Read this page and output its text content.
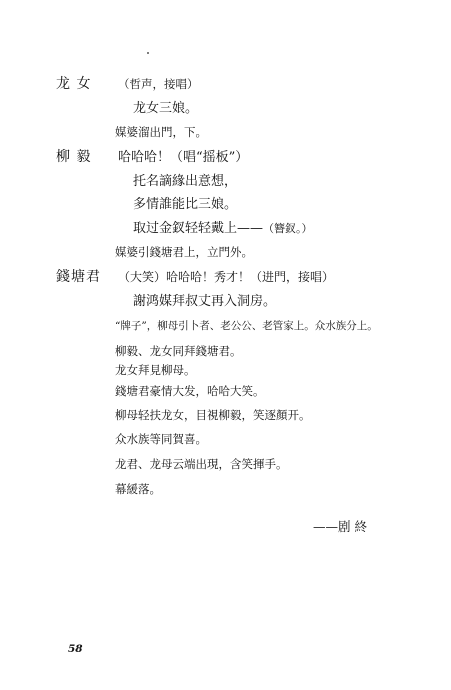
龙 女 （哲声，接唱）
龙女三娘。
媒婆溜出門，下。
柳 毅 哈哈哈！（唱“摇板”）
托名謫緣出意想，
多情誰能比三娘。
取过金釵轻轻戴上——（簪釵。）
媒婆引錢塘君上，立門外。
錢塘君 （大笑）哈哈哈！秀才！（进門，接唱）
謝鸿媒拜叔丈再入洞房。
“牌子”，柳母引卜者、老公公、老管家上。众水族分上。
柳毅、龙女同拜錢塘君。
龙女拜見柳母。
錢塘君豪情大发，哈哈大笑。
柳母轻扶龙女，目視柳毅，笑逐顏开。
众水族等同賀喜。
龙君、龙母云端出現，含笑揮手。
幕緩落。
——剧 終
58
